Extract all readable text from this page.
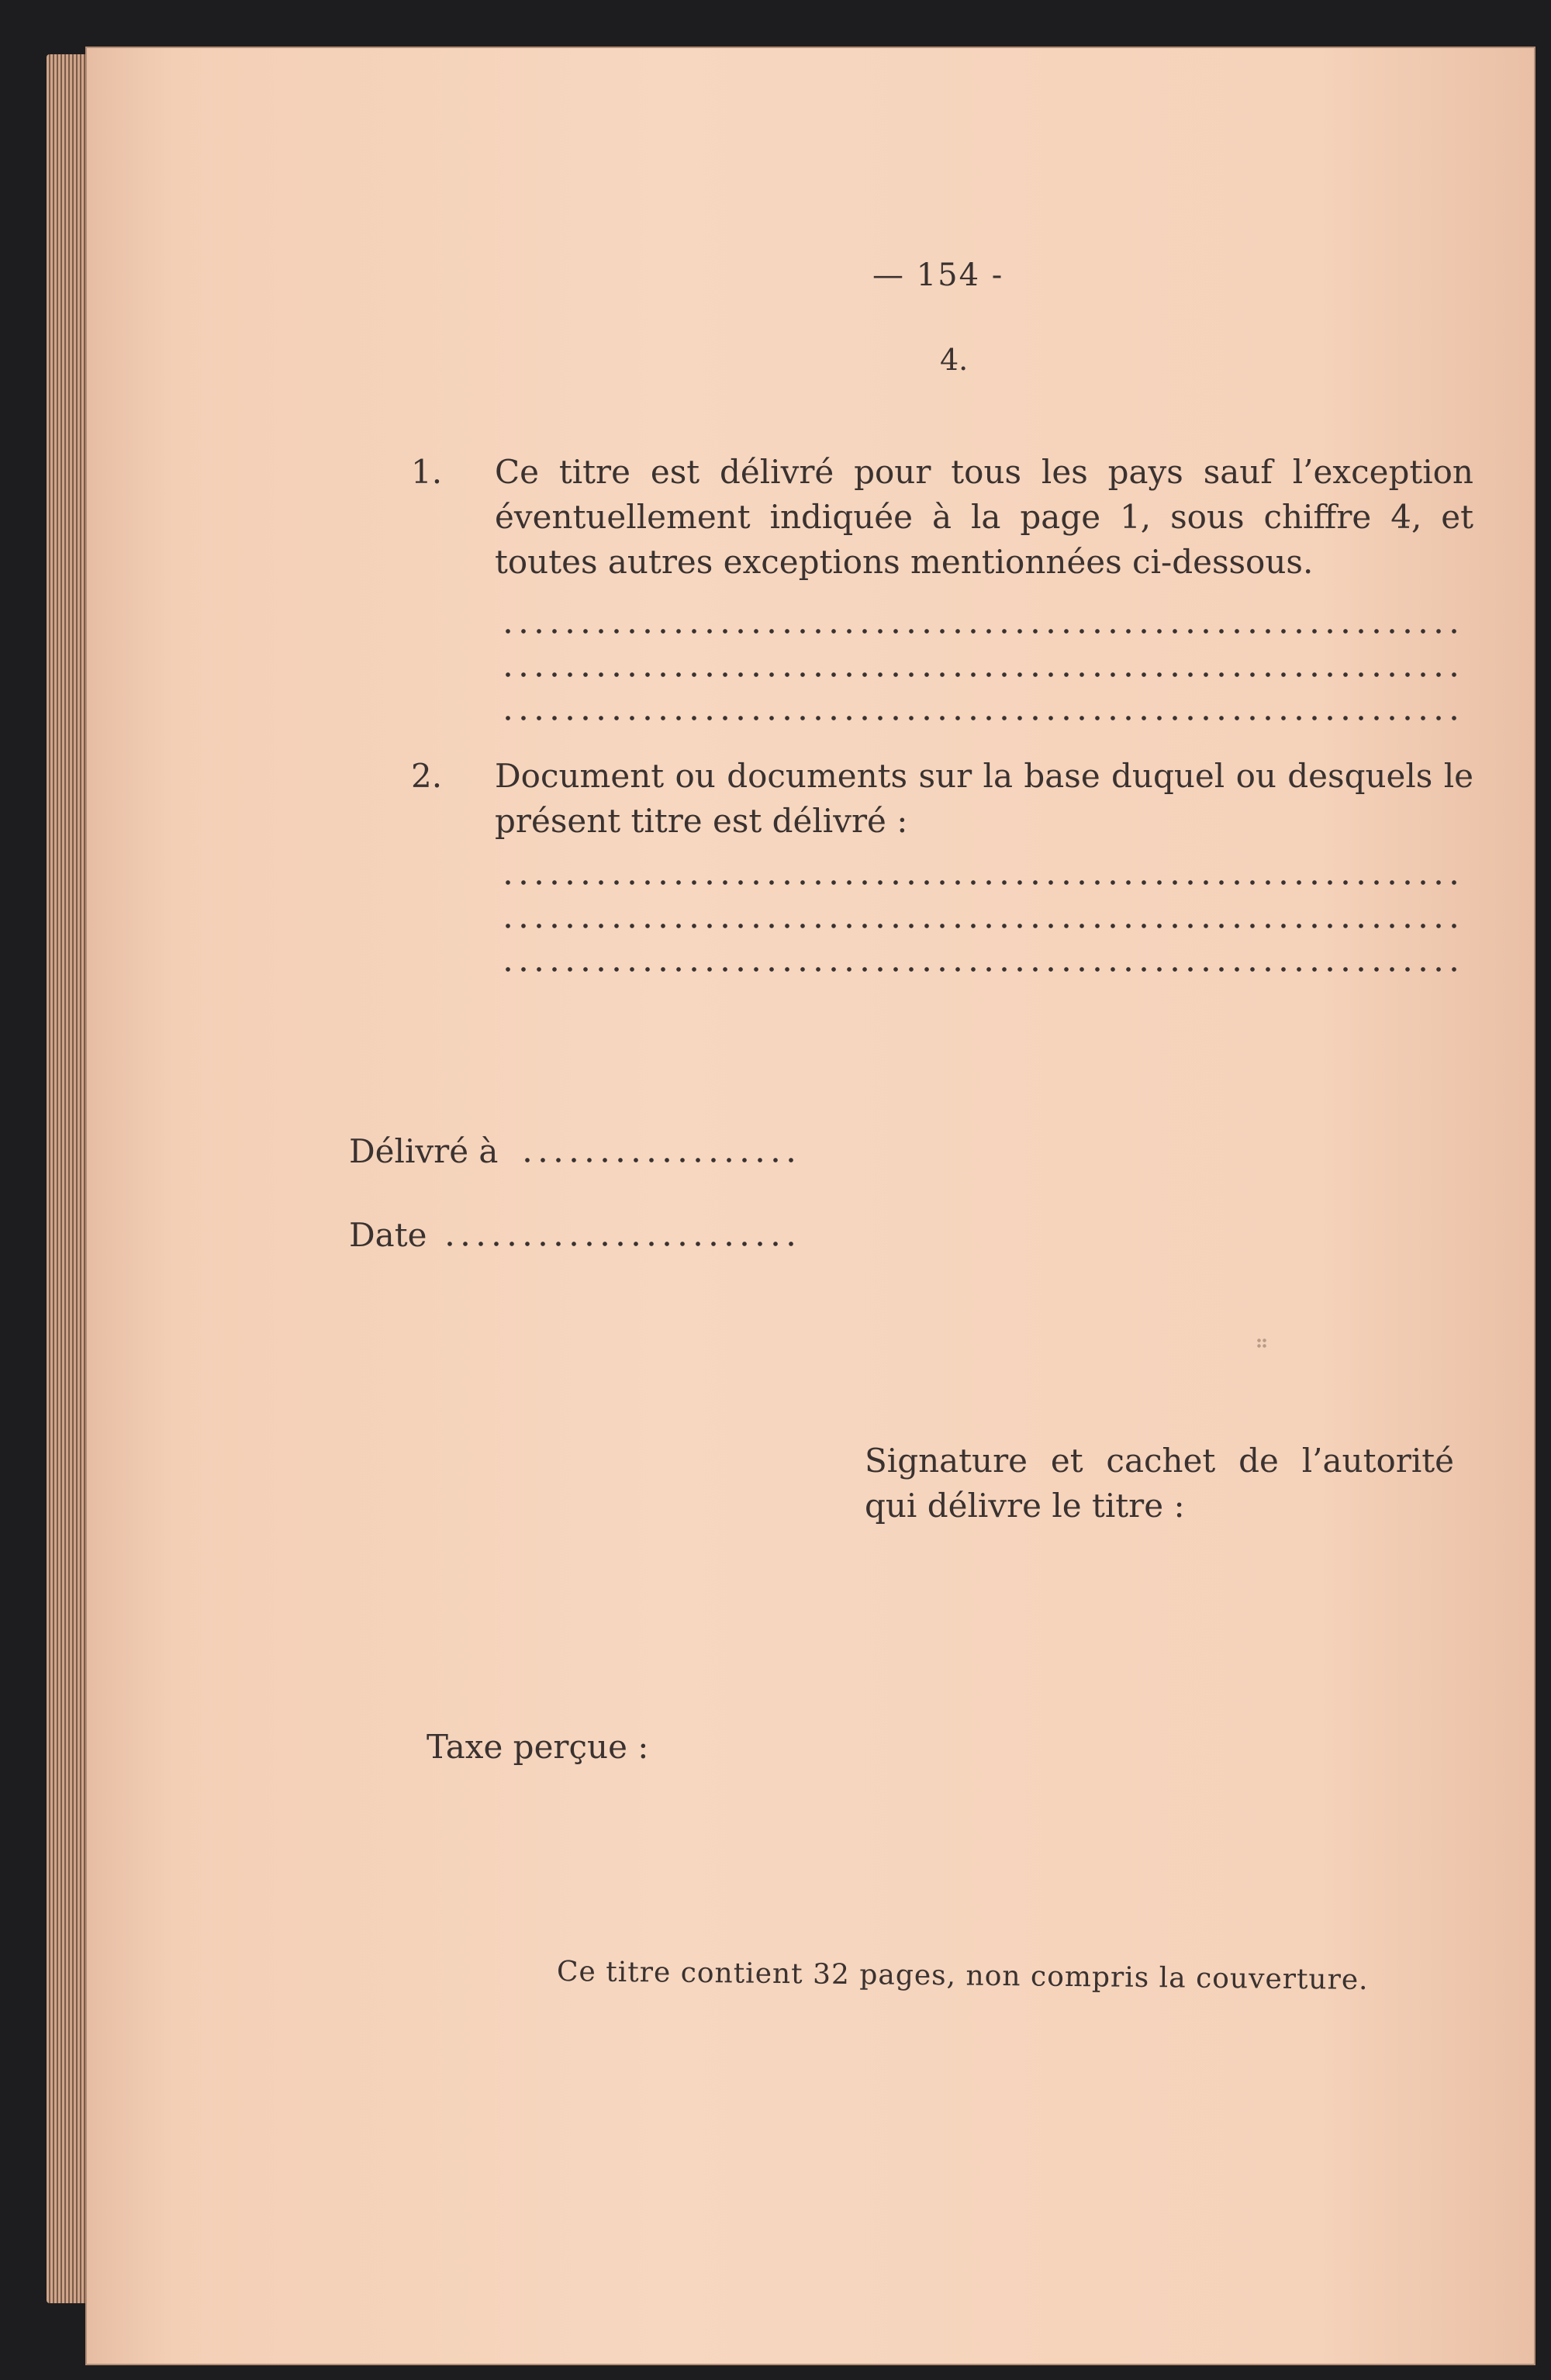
— 154 -
4.
1.	Ce titre est délivré pour tous les pays sauf l’exception éventuellement indiquée à la page 1, sous chiffre 4, et toutes autres exceptions mentionnées ci-dessous.
2.	Document ou documents sur la base duquel ou desquels le présent titre est délivré :
Délivré à
Date
Signature et cachet de l’autorité qui délivre le titre :
Taxe perçue :
Ce titre contient 32 pages, non compris la couverture.
